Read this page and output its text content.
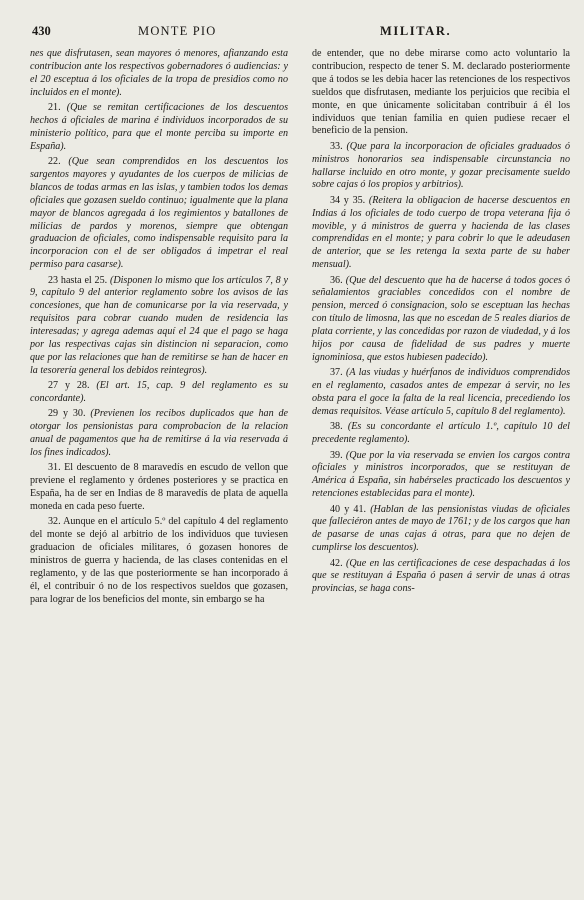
430	MONTE PIO	MILITAR.

nes que disfrutasen, sean mayores ó menores, afianzando esta contribucion ante los respectivos gobernadores ó audiencias: y el 20 esceptua á los oficiales de la tropa de presidios como no incluidos en el monte).

21. (Que se remitan certificaciones de los descuentos hechos á oficiales de marina é individuos incorporados de su ministerio político, para que el monte perciba su importe en España).

22. (Que sean comprendidos en los descuentos los sargentos mayores y ayudantes de los cuerpos de milicias de blancos de todas armas en las islas, y tambien todos los demas oficiales que gozasen sueldo continuo; igualmente que la plana mayor de blancos agregada á los regimientos y batallones de milicias de pardos y morenos, siempre que obtengan graduacion de oficiales, como indispensable requisito para la incorporacion con el de ser obligados á impetrar el real permiso para casarse).

23 hasta el 25. (Disponen lo mismo que los artículos 7, 8 y 9, capítulo 9 del anterior reglamento sobre los avisos de las concesiones, que han de comunicarse por la via reservada, y requisitos para cobrar cuando muden de residencia las interesadas; y agrega ademas aquí el 24 que el pago se haga por las respectivas cajas sin distincion ni separacion, como que por las relaciones que han de remitirse se han de hacer en la tesorería general los debidos reintegros).

27 y 28. (El art. 15, cap. 9 del reglamento es su concordante).

29 y 30. (Previenen los recibos duplicados que han de otorgar los pensionistas para comprobacion de la relacion anual de pagamentos que ha de remitirse á la via reservada á los fines indicados).

31. El descuento de 8 maravedís en escudo de vellon que previene el reglamento y órdenes posteriores y se practica en España, ha de ser en Indias de 8 maravedís de plata de aquella moneda en cada peso fuerte.

32. Aunque en el artículo 5.º del capítulo 4 del reglamento del monte se dejó al arbitrio de los individuos que tuviesen graduacion de oficiales militares, ó gozasen honores de ministros de guerra y hacienda, de las clases contenidas en el reglamento, y de las que posteriormente se han incorporado á él, el contribuir ó no de los respectivos sueldos que gozasen, para lograr de los beneficios del monte, sin embargo se ha

de entender, que no debe mirarse como acto voluntario la contribucion, respecto de tener S. M. declarado posteriormente que á todos se les debia hacer las retenciones de los respectivos sueldos que disfrutasen, mediante los perjuicios que recibia el monte, en que únicamente solicitaban contribuir á él los individuos que tenian familia en quien pudiese recaer el beneficio de la pension.

33. (Que para la incorporacion de oficiales graduados ó ministros honorarios sea indispensable circunstancia no hallarse incluido en otro monte, y gozar precisamente sueldo sobre cajas ó los propios y arbitrios).

34 y 35. (Reitera la obligacion de hacerse descuentos en Indias á los oficiales de todo cuerpo de tropa veterana fija ó movible, y á ministros de guerra y hacienda de las clases comprendidas en el monte; y para cobrir lo que le adeudasen de anterior, que se les retenga la sexta parte de su haber mensual).

36. (Que del descuento que ha de hacerse á todos goces ó señalamientos graciables concedidos con el nombre de pension, merced ó consignacion, solo se esceptuan las hechas con título de limosna, las que no escedan de 5 reales diarios de plata corriente, y las concedidas por razon de viudedad, y á los hijos por causa de fidelidad de sus padres y muerte ignominiosa, que estos hubiesen padecido).

37. (A las viudas y huérfanos de individuos comprendidos en el reglamento, casados antes de empezar á servir, no les obsta para el goce la falta de la real licencia, precediendo los demas requisitos. Véase artículo 5, capítulo 8 del reglamento).

38. (Es su concordante el artículo 1.º, capítulo 10 del precedente reglamento).

39. (Que por la via reservada se envien los cargos contra oficiales y ministros incorporados, que se restituyan de América á España, sin habérseles practicado los descuentos y retenciones establecidas para el monte).

40 y 41. (Hablan de las pensionistas viudas de oficiales que falleciéron antes de mayo de 1761; y de los cargos que han de pasarse de unas cajas á otras, para que no dejen de cumplirse los descuentos).

42. (Que en las certificaciones de cese despachadas á los que se restituyan á España ó pasen á servir de unas á otras provincias, se haga cons-
